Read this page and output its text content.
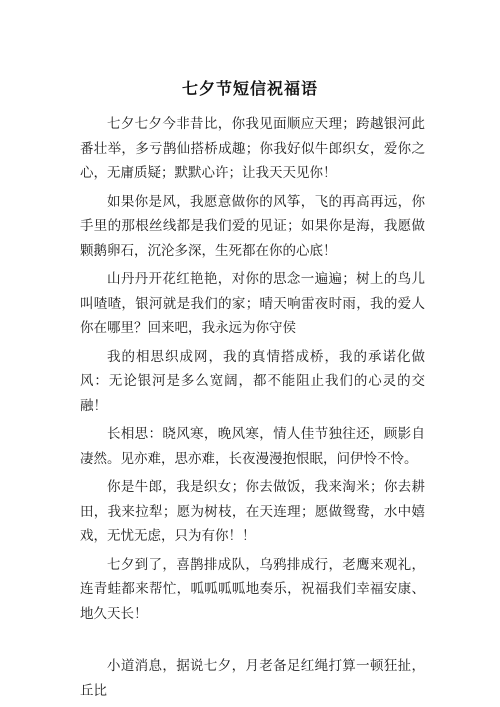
七夕节短信祝福语

七夕七夕今非昔比，你我见面顺应天理；跨越银河此番壮举，多亏鹊仙搭桥成趣；你我好似牛郎织女，爱你之心，无庸质疑；默默心许；让我天天见你！

如果你是风，我愿意做你的风筝，飞的再高再远，你手里的那根丝线都是我们爱的见证；如果你是海，我愿做颗鹅卵石，沉沦多深，生死都在你的心底！

山丹丹开花红艳艳，对你的思念一遍遍；树上的鸟儿叫喳喳，银河就是我们的家；晴天响雷夜时雨，我的爱人你在哪里？回来吧，我永远为你守侯

我的相思织成网，我的真情搭成桥，我的承诺化做风：无论银河是多么宽阔，都不能阻止我们的心灵的交融！

长相思：晓风寒，晚风寒，情人佳节独往还，顾影自凄然。见亦难，思亦难，长夜漫漫抱恨眠，问伊怜不怜。

你是牛郎，我是织女；你去做饭，我来淘米；你去耕田，我来拉犁；愿为树枝，在天连理；愿做鸳鸯，水中嬉戏，无忧无虑，只为有你！！

七夕到了，喜鹊排成队，乌鸦排成行，老鹰来观礼，连青蛙都来帮忙，呱呱呱呱地奏乐，祝福我们幸福安康、地久天长！

小道消息，据说七夕，月老备足红绳打算一顿狂扯，丘比
